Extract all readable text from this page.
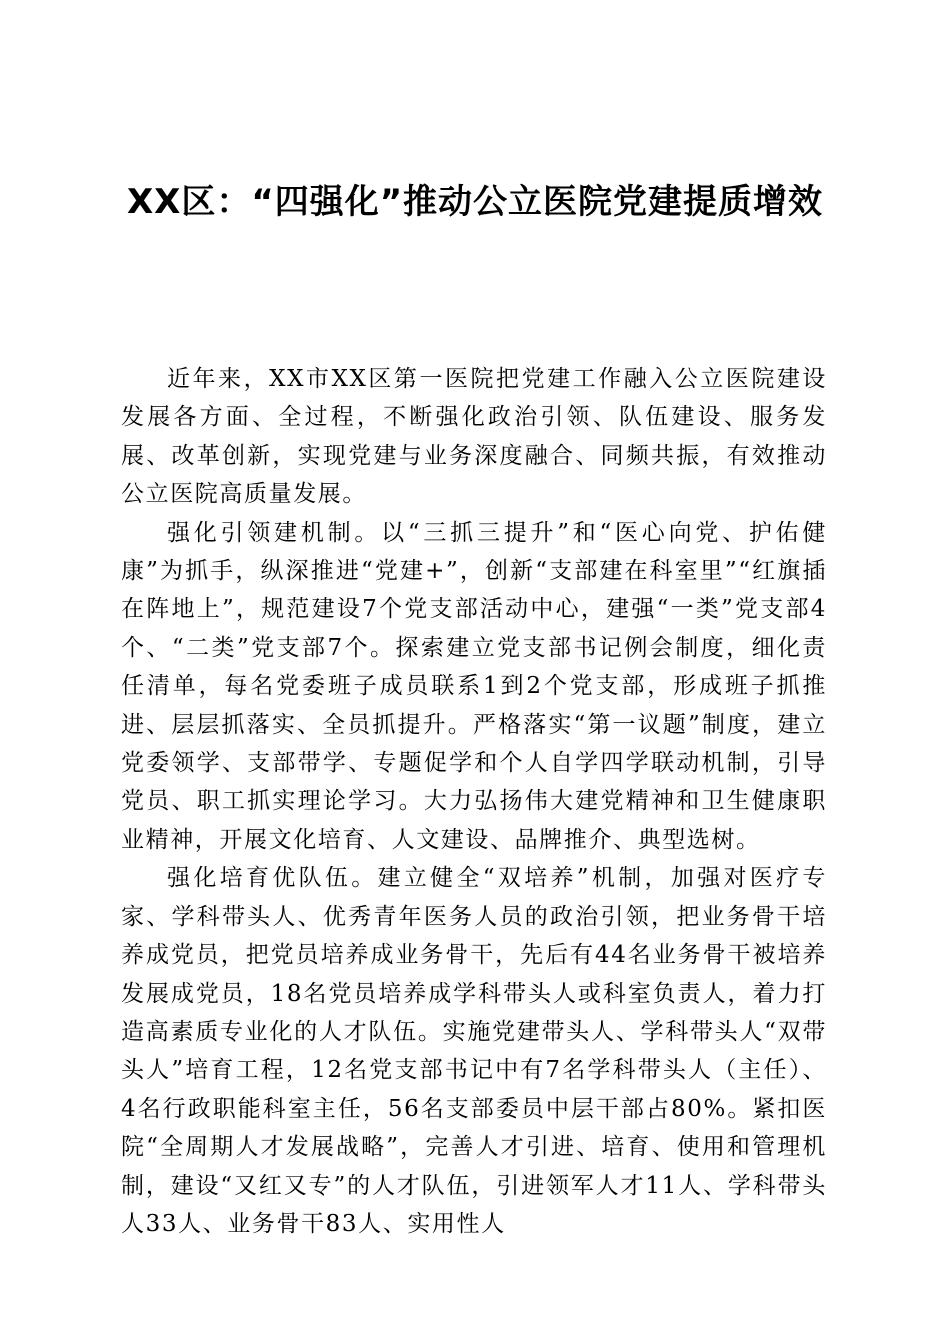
XX区：“四强化”推动公立医院党建提质增效

近年来，XX市XX区第一医院把党建工作融入公立医院建设发展各方面、全过程，不断强化政治引领、队伍建设、服务发展、改革创新，实现党建与业务深度融合、同频共振，有效推动公立医院高质量发展。

强化引领建机制。以“三抓三提升”和“医心向党、护佑健康”为抓手，纵深推进“党建+”，创新“支部建在科室里”“红旗插在阵地上”，规范建设7个党支部活动中心，建强“一类”党支部4个、“二类”党支部7个。探索建立党支部书记例会制度，细化责任清单，每名党委班子成员联系1到2个党支部，形成班子抓推进、层层抓落实、全员抓提升。严格落实“第一议题”制度，建立党委领学、支部带学、专题促学和个人自学四学联动机制，引导党员、职工抓实理论学习。大力弘扬伟大建党精神和卫生健康职业精神，开展文化培育、人文建设、品牌推介、典型选树。

强化培育优队伍。建立健全“双培养”机制，加强对医疗专家、学科带头人、优秀青年医务人员的政治引领，把业务骨干培养成党员，把党员培养成业务骨干，先后有44名业务骨干被培养发展成党员，18名党员培养成学科带头人或科室负责人，着力打造高素质专业化的人才队伍。实施党建带头人、学科带头人“双带头人”培育工程，12名党支部书记中有7名学科带头人（主任）、4名行政职能科室主任，56名支部委员中层干部占80%。紧扣医院“全周期人才发展战略”，完善人才引进、培育、使用和管理机制，建设“又红又专”的人才队伍，引进领军人才11人、学科带头人33人、业务骨干83人、实用性人
